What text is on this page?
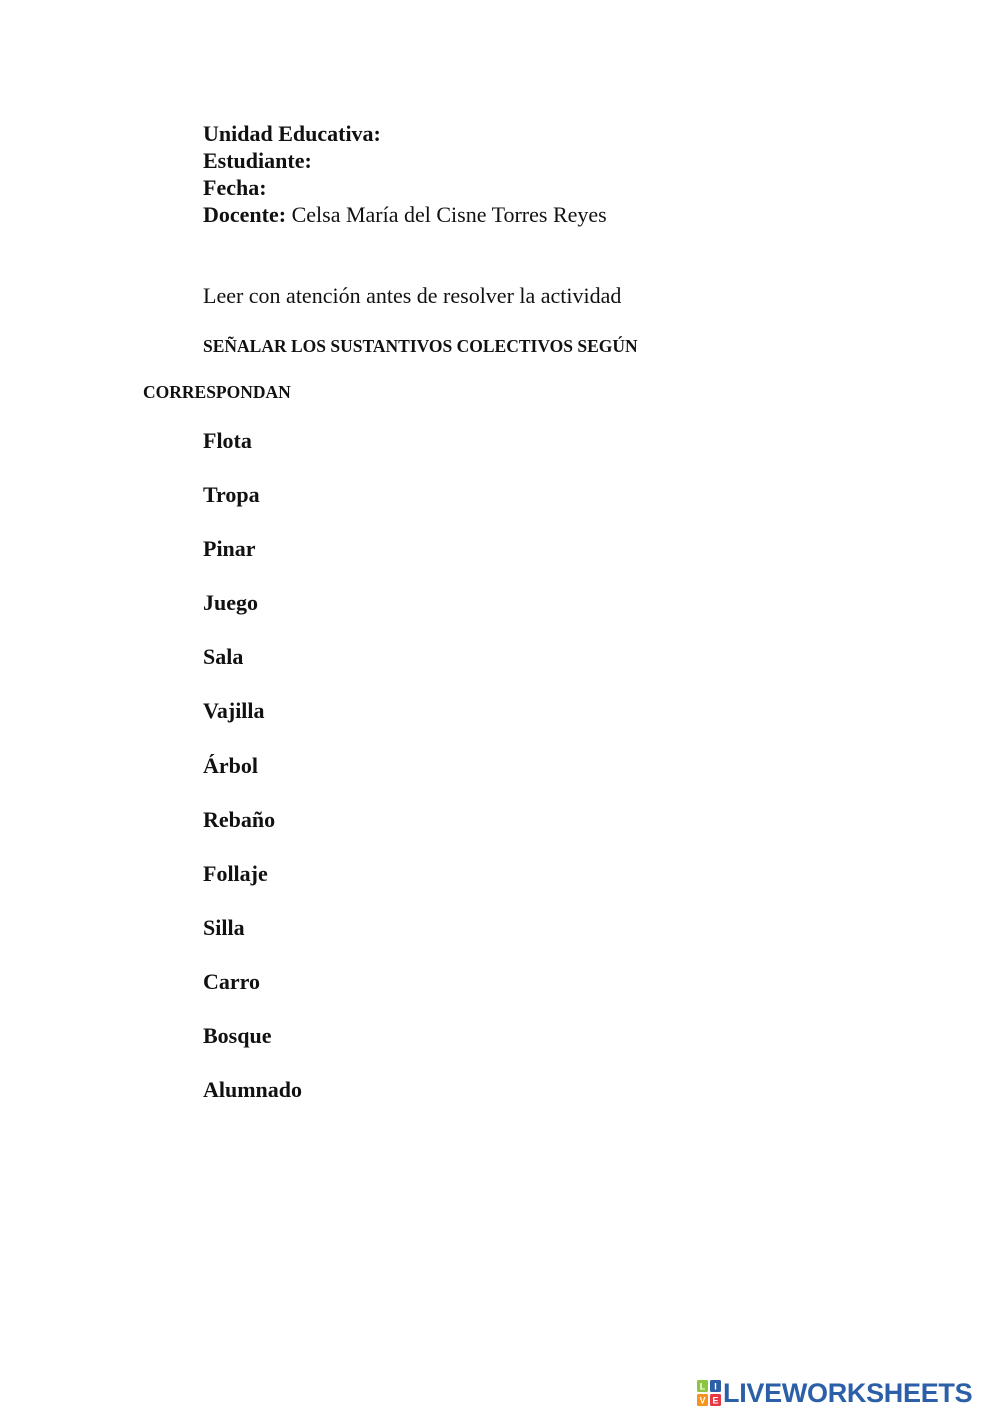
Unidad Educativa:
Estudiante:
Fecha:
Docente: Celsa María del Cisne Torres Reyes
Leer con atención antes de resolver la actividad
SEÑALAR LOS SUSTANTIVOS COLECTIVOS SEGÚN
CORRESPONDAN
Flota
Tropa
Pinar
Juego
Sala
Vajilla
Árbol
Rebaño
Follaje
Silla
Carro
Bosque
Alumnado
L I
V E LIVEWORKSHEETS
